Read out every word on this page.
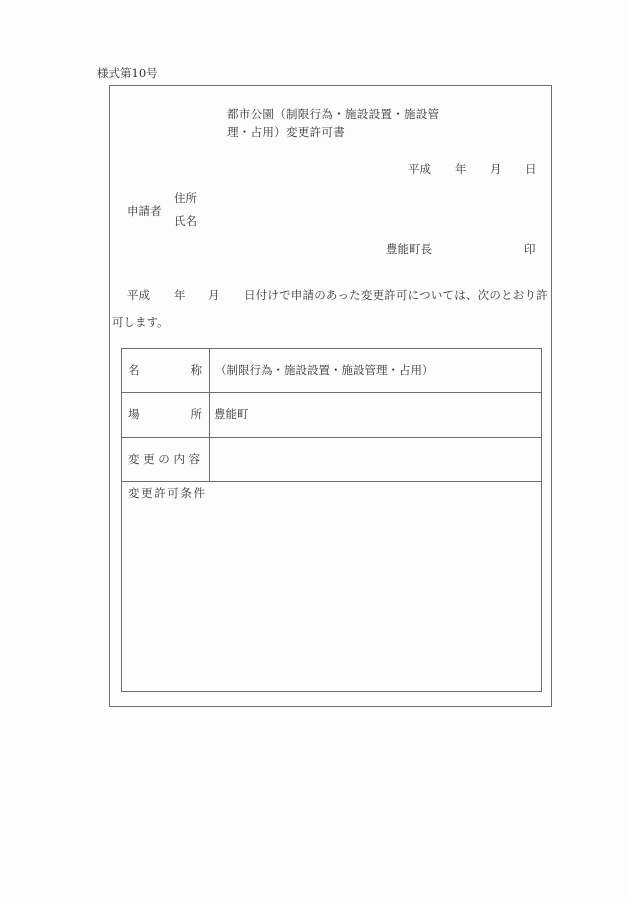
様式第10号
都市公園（制限行為・施設設置・施設管
理・占用）変更許可書
平成 年 月 日
申請者
住所
氏名
豊能町長	印
平成 年 月 日付けで申請のあった変更許可については、次のとおり許
可します。
名	称 （制限行為・施設設置・施設管理・占用）
場	所 豊能町
変 更 の 内 容
変更許可条件
